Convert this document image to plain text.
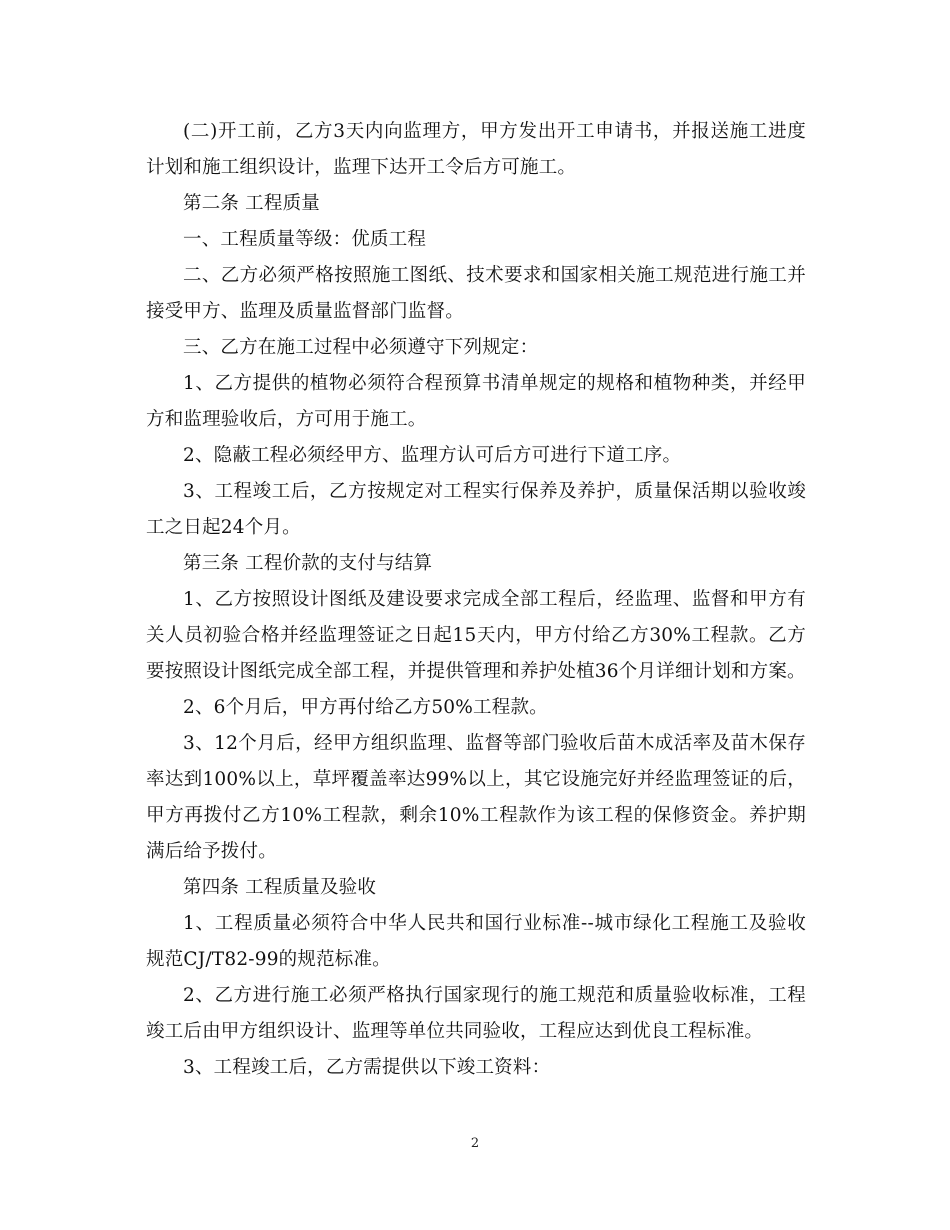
(二)开工前，乙方3天内向监理方，甲方发出开工申请书，并报送施工进度计划和施工组织设计，监理下达开工令后方可施工。

第二条 工程质量

一、工程质量等级：优质工程

二、乙方必须严格按照施工图纸、技术要求和国家相关施工规范进行施工并接受甲方、监理及质量监督部门监督。

三、乙方在施工过程中必须遵守下列规定：

1、乙方提供的植物必须符合程预算书清单规定的规格和植物种类，并经甲方和监理验收后，方可用于施工。

2、隐蔽工程必须经甲方、监理方认可后方可进行下道工序。

3、工程竣工后，乙方按规定对工程实行保养及养护，质量保活期以验收竣工之日起24个月。

第三条 工程价款的支付与结算

1、乙方按照设计图纸及建设要求完成全部工程后，经监理、监督和甲方有关人员初验合格并经监理签证之日起15天内，甲方付给乙方30%工程款。乙方要按照设计图纸完成全部工程，并提供管理和养护处植36个月详细计划和方案。

2、6个月后，甲方再付给乙方50%工程款。

3、12个月后，经甲方组织监理、监督等部门验收后苗木成活率及苗木保存率达到100%以上，草坪覆盖率达99%以上，其它设施完好并经监理签证的后，甲方再拨付乙方10%工程款，剩余10%工程款作为该工程的保修资金。养护期满后给予拨付。

第四条 工程质量及验收

1、工程质量必须符合中华人民共和国行业标准--城市绿化工程施工及验收规范CJ/T82-99的规范标准。

2、乙方进行施工必须严格执行国家现行的施工规范和质量验收标准，工程竣工后由甲方组织设计、监理等单位共同验收，工程应达到优良工程标准。

3、工程竣工后，乙方需提供以下竣工资料：

2
